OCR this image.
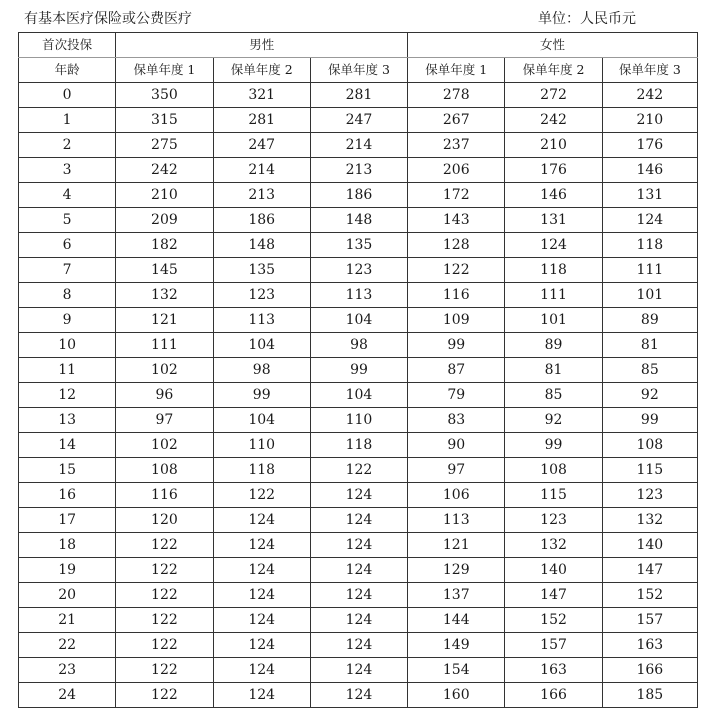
有基本医疗保险或公费医疗	单位：人民币元
首次投保	男性			女性		
年龄	保单年度 1	保单年度 2	保单年度 3	保单年度 1	保单年度 2	保单年度 3
0	350	321	281	278	272	242
1	315	281	247	267	242	210
2	275	247	214	237	210	176
3	242	214	213	206	176	146
4	210	213	186	172	146	131
5	209	186	148	143	131	124
6	182	148	135	128	124	118
7	145	135	123	122	118	111
8	132	123	113	116	111	101
9	121	113	104	109	101	89
10	111	104	98	99	89	81
11	102	98	99	87	81	85
12	96	99	104	79	85	92
13	97	104	110	83	92	99
14	102	110	118	90	99	108
15	108	118	122	97	108	115
16	116	122	124	106	115	123
17	120	124	124	113	123	132
18	122	124	124	121	132	140
19	122	124	124	129	140	147
20	122	124	124	137	147	152
21	122	124	124	144	152	157
22	122	124	124	149	157	163
23	122	124	124	154	163	166
24	122	124	124	160	166	185
